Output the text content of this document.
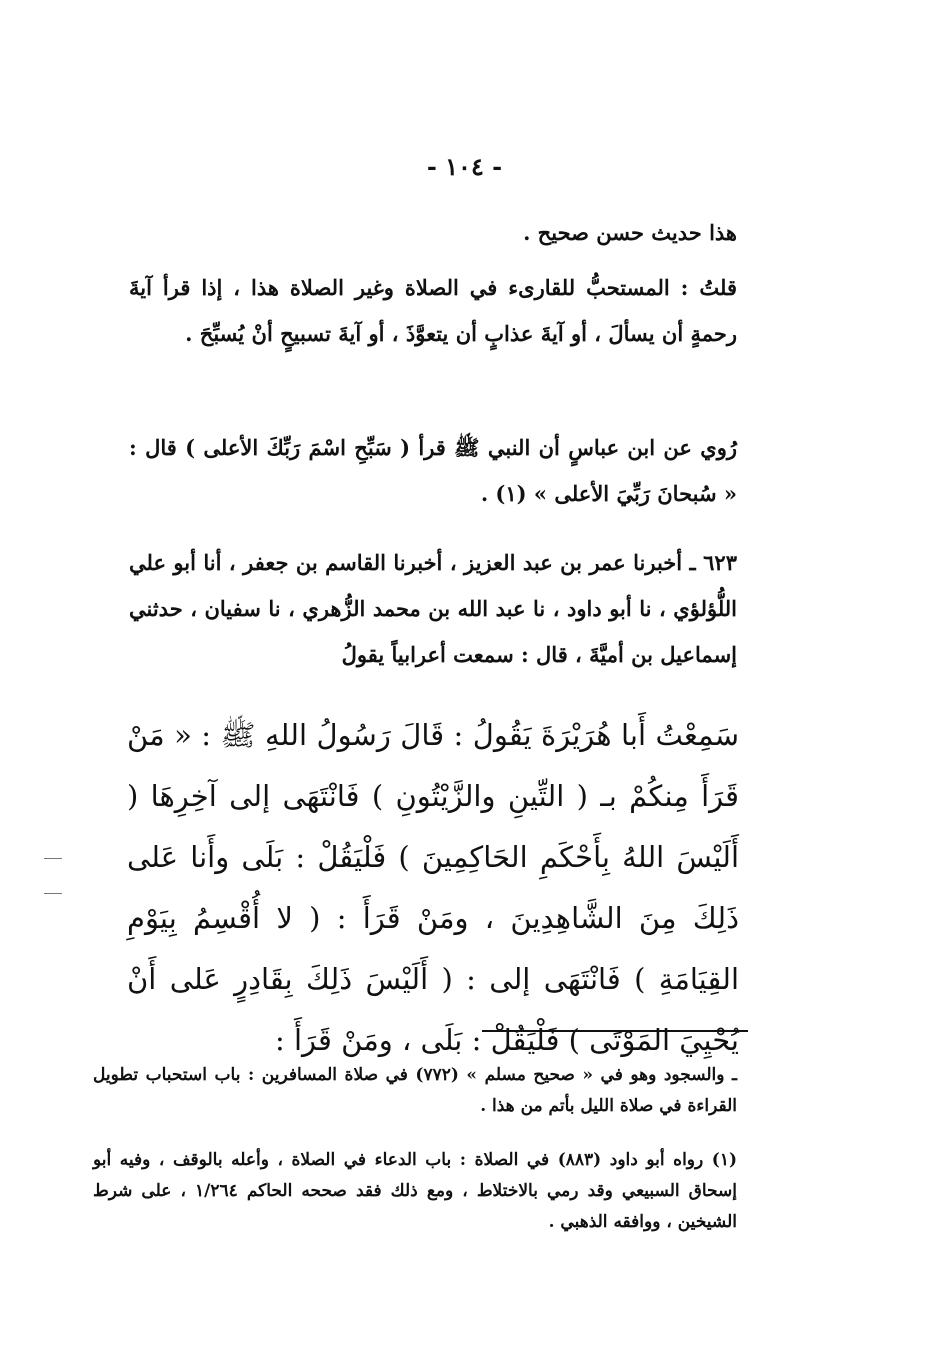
- ١٠٤ -
هذا حديث حسن صحيح .
قلتُ : المستحبُّ للقارىء في الصلاة وغير الصلاة هذا ، إذا قرأ آيةَ رحمةٍ أن يسألَ ، أو آيةَ عذابٍ أن يتعوَّذَ ، أو آيةَ تسبيحٍ أنْ يُسبِّحَ .
رُوي عن ابن عباسٍ أن النبي ﷺ قرأ ( سَبِّحِ اسْمَ رَبِّكَ الأعلى ) قال : « سُبحانَ رَبِّيَ الأعلى » (١) .
٦٢٣ ـ أخبرنا عمر بن عبد العزيز ، أخبرنا القاسم بن جعفر ، أنا أبو علي اللُّؤلؤي ، نا أبو داود ، نا عبد الله بن محمد الزُّهري ، نا سفيان ، حدثني إسماعيل بن أميَّةَ ، قال : سمعت أعرابياً يقولُ
سَمِعْتُ أَبا هُرَيْرَةَ يَقُولُ : قَالَ رَسُولُ اللهِ ﷺ : « مَنْ قَرَأَ مِنكُمْ بـ ( التِّينِ والزَّيْتُونِ ) فَانْتَهَى إلى آخِرِهَا ( أَلَيْسَ اللهُ بِأَحْكَمِ الحَاكِمِينَ ) فَلْيَقُلْ : بَلَى وأَنا عَلى ذَلِكَ مِنَ الشَّاهِدِينَ ، ومَنْ قَرَأَ : ( لا أُقْسِمُ بِيَوْمِ القِيَامَةِ ) فَانْتَهَى إلى : ( أَلَيْسَ ذَلِكَ بِقَادِرٍ عَلى أَنْ يُحْيِيَ المَوْتَى ) فَلْيَقُلْ : بَلَى ، ومَنْ قَرَأَ :
ـ والسجود وهو في « صحيح مسلم » (٧٧٢) في صلاة المسافرين : باب استحباب تطويل القراءة في صلاة الليل بأتم من هذا .
(١) رواه أبو داود (٨٨٣) في الصلاة : باب الدعاء في الصلاة ، وأعله بالوقف ، وفيه أبو إسحاق السبيعي وقد رمي بالاختلاط ، ومع ذلك فقد صححه الحاكم ١/٢٦٤ ، على شرط الشيخين ، ووافقه الذهبي .
